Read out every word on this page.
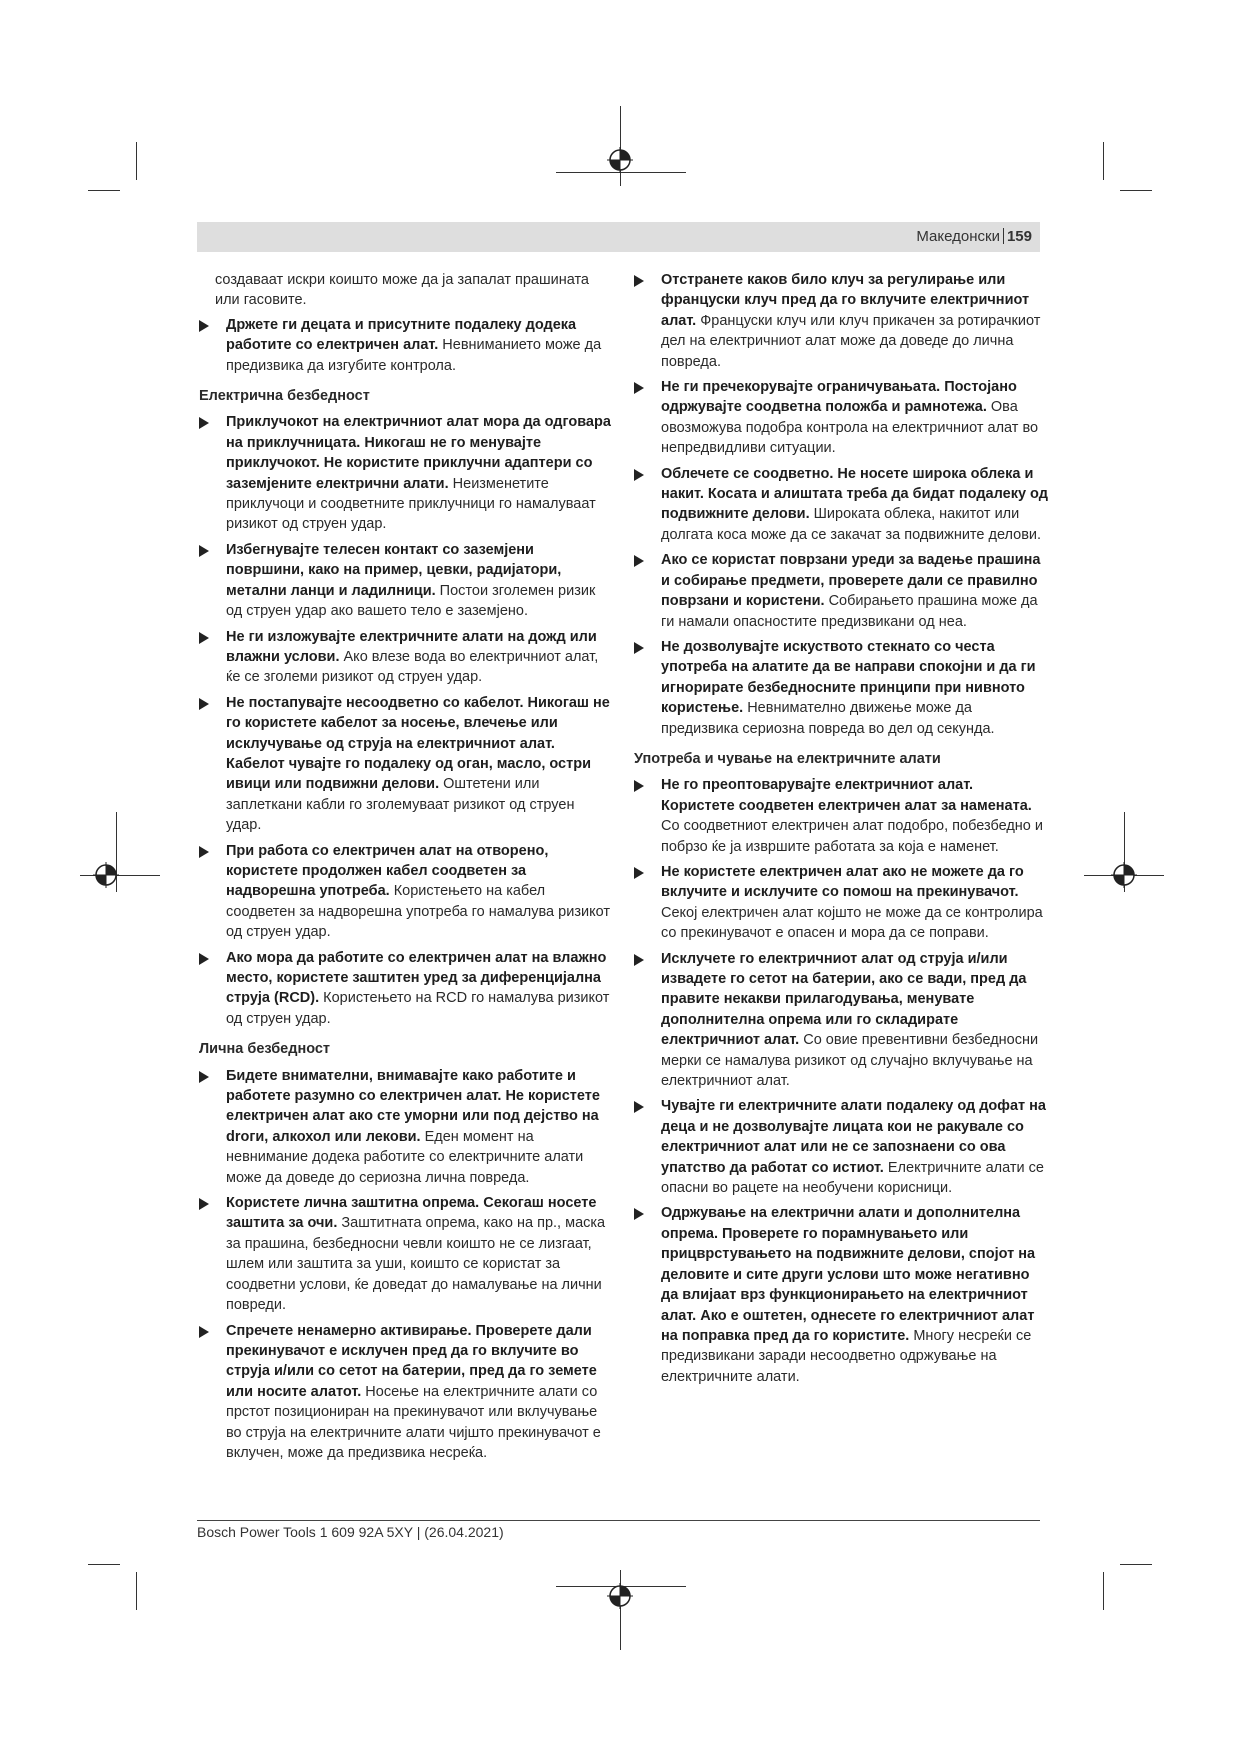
Македонски 159
создаваат искри коишто може да ја запалат прашината или гасовите.
Држете ги децата и присутните подалеку додека работите со електричен алат. Невниманието може да предизвика да изгубите контрола.
Електрична безбедност
Приклучокот на електричниот алат мора да одговара на приклучницата. Никогаш не го менувајте приклучокот. Не користите приклучни адаптери со заземјените електрични алати. Неизменетите приклучоци и соодветните приклучници го намалуваат ризикот од струен удар.
Избегнувајте телесен контакт со заземјени површини, како на пример, цевки, радијатори, метални ланци и ладилници. Постои зголемен ризик од струен удар ако вашето тело е заземјено.
Не ги изложувајте електричните алати на дожд или влажни услови. Ако влезе вода во електричниот алат, ќе се зголеми ризикот од струен удар.
Не постапувајте несоодветно со кабелот. Никогаш не го користете кабелот за носење, влечење или исклучување од струја на електричниот алат. Кабелот чувајте го подалеку од оган, масло, остри ивици или подвижни делови. Оштетени или заплеткани кабли го зголемуваат ризикот од струен удар.
При работа со електричен алат на отворено, користете продолжен кабел соодветен за надворешна употреба. Користењето на кабел соодветен за надворешна употреба го намалува ризикот од струен удар.
Ако мора да работите со електричен алат на влажно место, користете заштитен уред за диференцијална струја (RCD). Користењето на RCD го намалува ризикот од струен удар.
Лична безбедност
Бидете внимателни, внимавајте како работите и работете разумно со електричен алат. Не користете електричен алат ако сте уморни или под дејство на droги, алкохол или лекови. Еден момент на невнимание додека работите со електричните алати може да доведе до сериозна лична повреда.
Користете лична заштитна опрема. Секогаш носете заштита за очи. Заштитната опрема, како на пр., маска за прашина, безбедносни чевли коишто не се лизгаат, шлем или заштита за уши, коишто се користат за соодветни услови, ќе доведат до намалување на лични повреди.
Спречете ненамерно активирање. Проверете дали прекинувачот е исклучен пред да го вклучите во струја и/или со сетот на батерии, пред да го земете или носите алатот. Носење на електричните алати со прстот позициониран на прекинувачот или вклучување во струја на електричните алати чијшто прекинувачот е вклучен, може да предизвика несреќа.
Отстранете каков било клуч за регулирање или француски клуч пред да го вклучите електричниот алат. Француски клуч или клуч прикачен за ротирачкиот дел на електричниот алат може да доведе до лична повреда.
Не ги пречекорувајте ограничувањата. Постојано одржувајте соодветна положба и рамнотежа. Ова овозможува подобра контрола на електричниот алат во непредвидливи ситуации.
Облечете се соодветно. Не носете широка облека и накит. Косата и алиштата треба да бидат подалеку од подвижните делови. Широката облека, накитот или долгата коса може да се закачат за подвижните делови.
Ако се користат поврзани уреди за вадење прашина и собирање предмети, проверете дали се правилно поврзани и користени. Собирањето прашина може да ги намали опасностите предизвикани од неа.
Не дозволувајте искуството стекнато со честа употреба на алатите да ве направи спокојни и да ги игнорирате безбедносните принципи при нивното користење. Невнимателно движење може да предизвика сериозна повреда во дел од секунда.
Употреба и чување на електричните алати
Не го преоптоварувајте електричниот алат. Користете соодветен електричен алат за намената. Со соодветниот електричен алат подобро, побезбедно и побрзо ќе ја извршите работата за која е наменет.
Не користете електричен алат ако не можете да го вклучите и исклучите со помош на прекинувачот. Секој електричен алат којшто не може да се контролира со прекинувачот е опасен и мора да се поправи.
Исклучете го електричниот алат од струја и/или извадете го сетот на батерии, ако се вади, пред да правите некакви прилагодувања, менувате дополнителна опрема или го складирате електричниот алат. Со овие превентивни безбедносни мерки се намалува ризикот од случајно вклучување на електричниот алат.
Чувајте ги електричните алати подалеку од дофат на деца и не дозволувајте лицата кои не ракувале со електричниот алат или не се запознаени со ова упатство да работат со истиот. Електричните алати се опасни во рацете на необучени корисници.
Одржување на електрични алати и дополнителна опрема. Проверете го порамнувањето или прицврстувањето на подвижните делови, спојот на деловите и сите други услови што може негативно да влијаат врз функционирањето на електричниот алат. Ако е оштетен, однесете го електричниот алат на поправка пред да го користите. Многу несреќи се предизвикани заради несоодветно одржување на електричните алати.
Bosch Power Tools 1 609 92A 5XY | (26.04.2021)
